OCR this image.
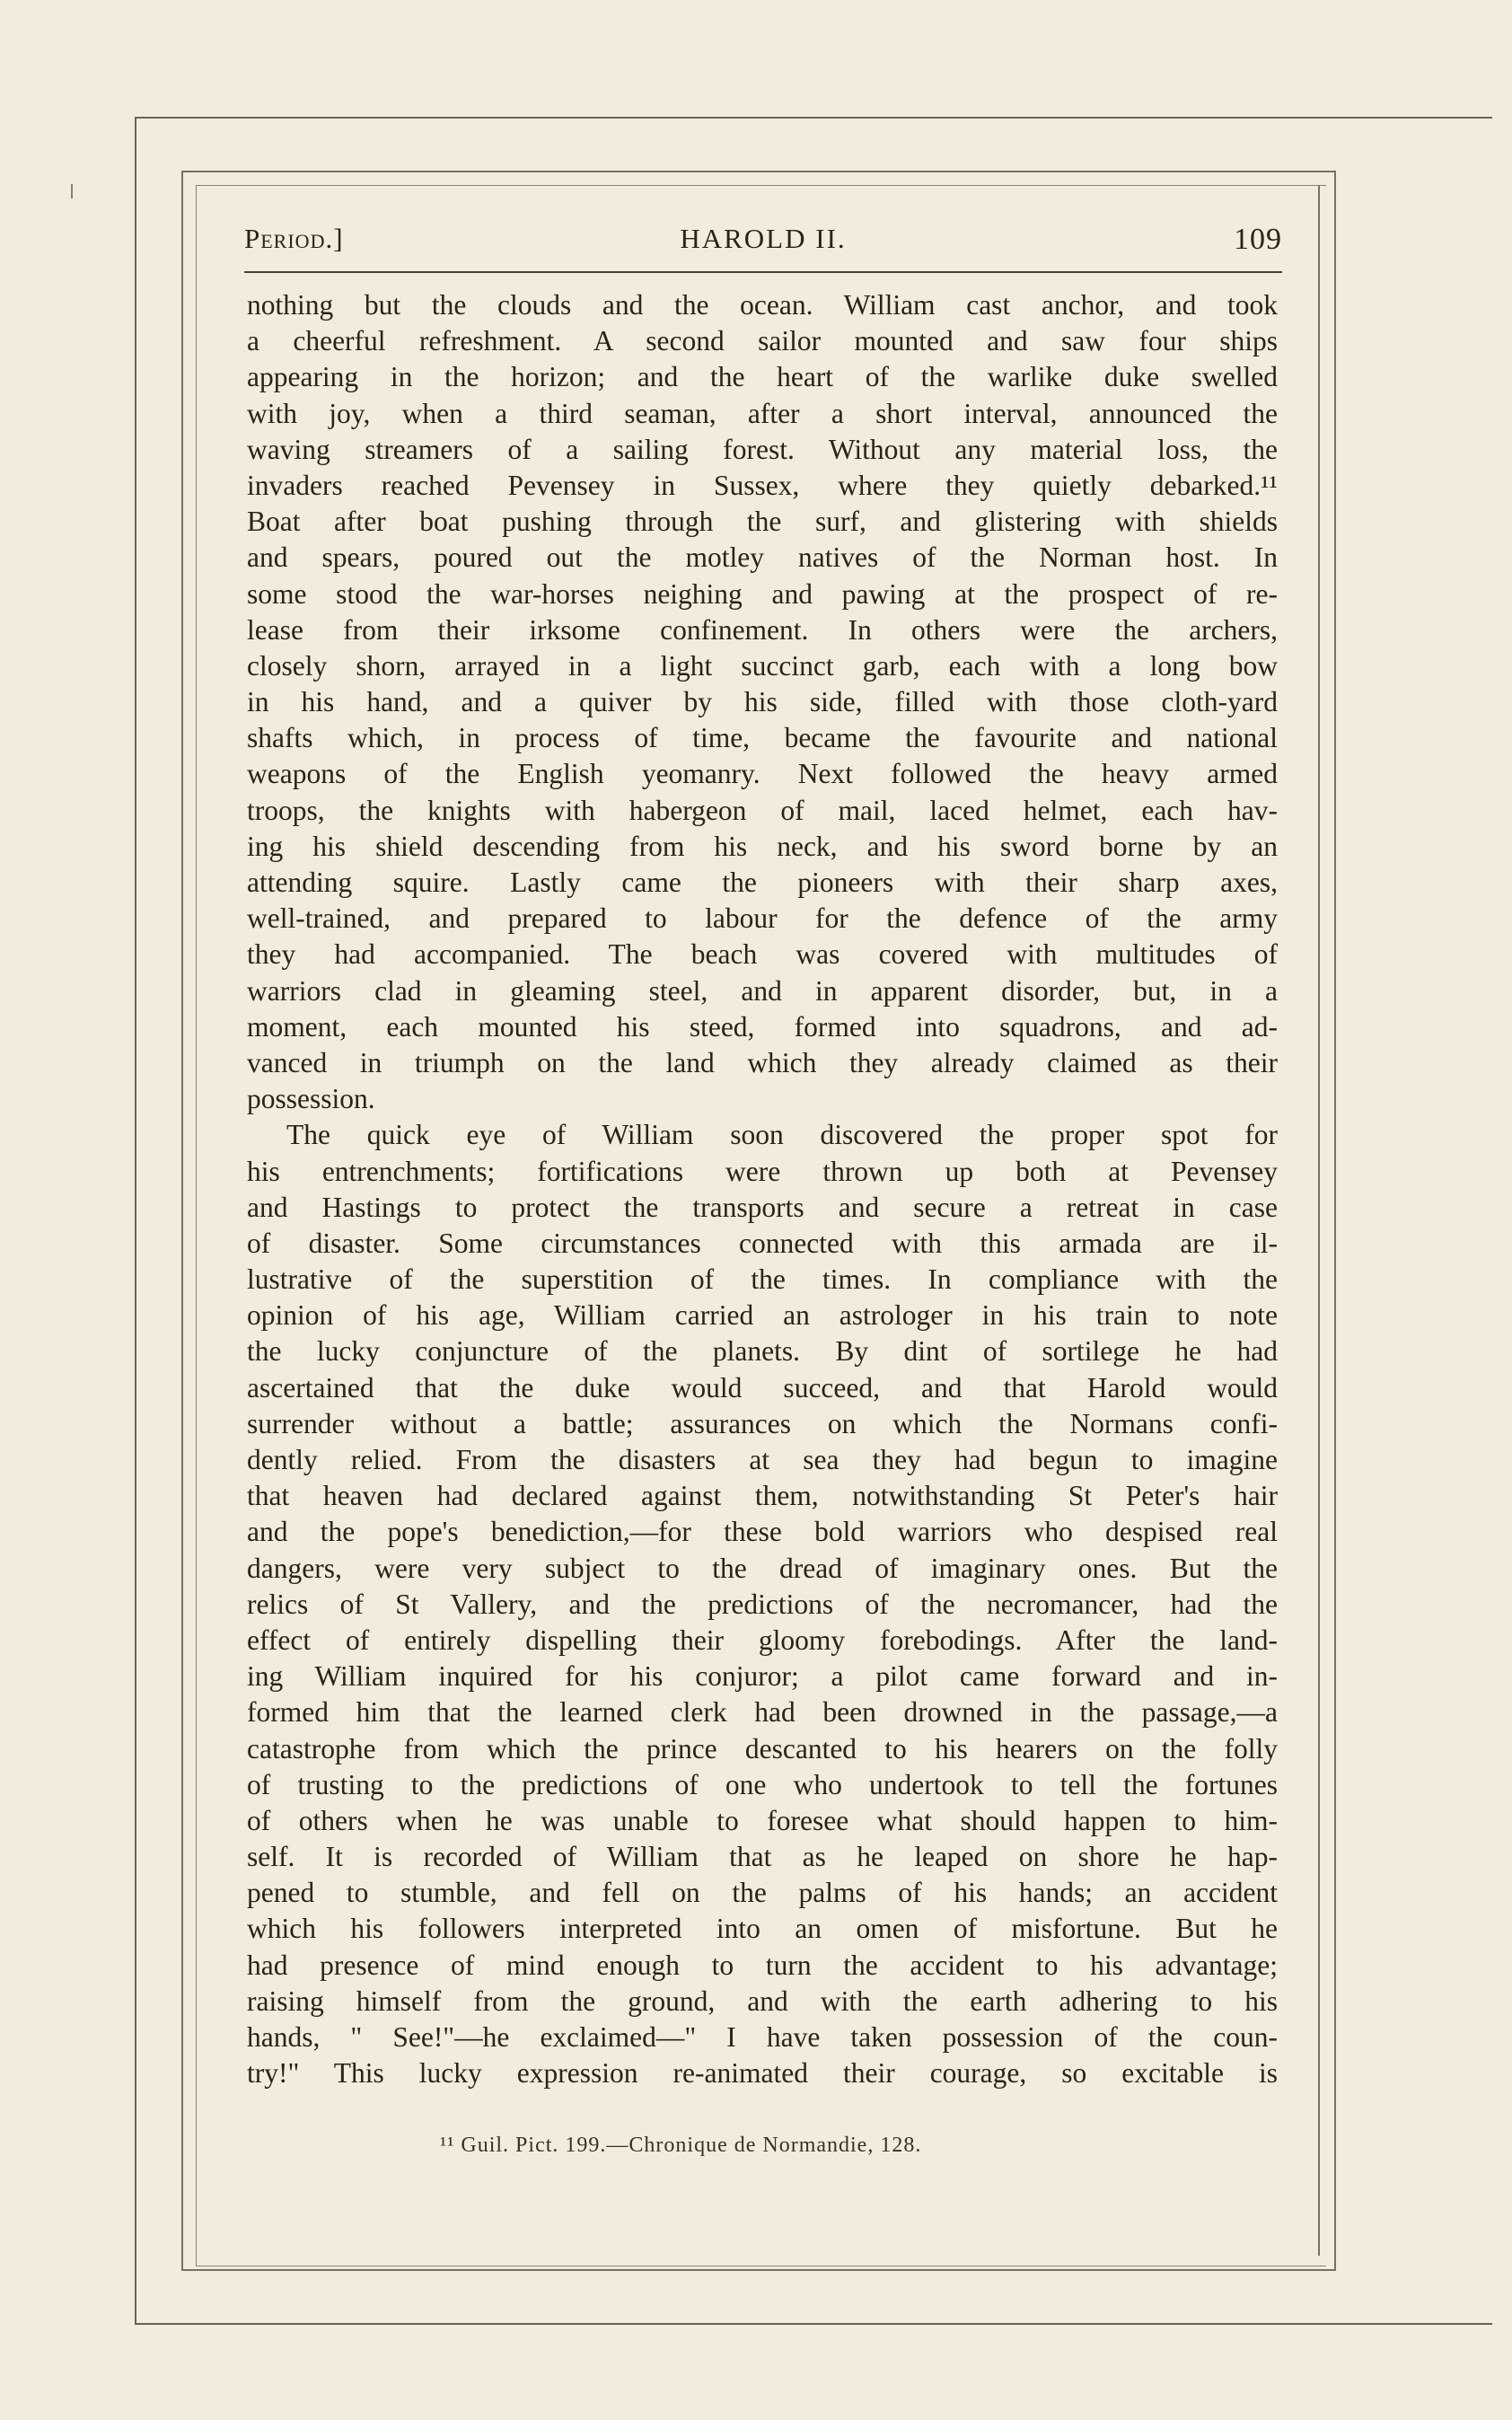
Period.]	HAROLD II.	109
nothing but the clouds and the ocean. William cast anchor, and took
a cheerful refreshment. A second sailor mounted and saw four ships
appearing in the horizon; and the heart of the warlike duke swelled
with joy, when a third seaman, after a short interval, announced the
waving streamers of a sailing forest. Without any material loss, the
invaders reached Pevensey in Sussex, where they quietly debarked.¹¹
Boat after boat pushing through the surf, and glistering with shields
and spears, poured out the motley natives of the Norman host. In
some stood the war-horses neighing and pawing at the prospect of re-
lease from their irksome confinement. In others were the archers,
closely shorn, arrayed in a light succinct garb, each with a long bow
in his hand, and a quiver by his side, filled with those cloth-yard
shafts which, in process of time, became the favourite and national
weapons of the English yeomanry. Next followed the heavy armed
troops, the knights with habergeon of mail, laced helmet, each hav-
ing his shield descending from his neck, and his sword borne by an
attending squire. Lastly came the pioneers with their sharp axes,
well-trained, and prepared to labour for the defence of the army
they had accompanied. The beach was covered with multitudes of
warriors clad in gleaming steel, and in apparent disorder, but, in a
moment, each mounted his steed, formed into squadrons, and ad-
vanced in triumph on the land which they already claimed as their
possession.
The quick eye of William soon discovered the proper spot for
his entrenchments; fortifications were thrown up both at Pevensey
and Hastings to protect the transports and secure a retreat in case
of disaster. Some circumstances connected with this armada are il-
lustrative of the superstition of the times. In compliance with the
opinion of his age, William carried an astrologer in his train to note
the lucky conjuncture of the planets. By dint of sortilege he had
ascertained that the duke would succeed, and that Harold would
surrender without a battle; assurances on which the Normans confi-
dently relied. From the disasters at sea they had begun to imagine
that heaven had declared against them, notwithstanding St Peter's hair
and the pope's benediction,—for these bold warriors who despised real
dangers, were very subject to the dread of imaginary ones. But the
relics of St Vallery, and the predictions of the necromancer, had the
effect of entirely dispelling their gloomy forebodings. After the land-
ing William inquired for his conjuror; a pilot came forward and in-
formed him that the learned clerk had been drowned in the passage,—a
catastrophe from which the prince descanted to his hearers on the folly
of trusting to the predictions of one who undertook to tell the fortunes
of others when he was unable to foresee what should happen to him-
self. It is recorded of William that as he leaped on shore he hap-
pened to stumble, and fell on the palms of his hands; an accident
which his followers interpreted into an omen of misfortune. But he
had presence of mind enough to turn the accident to his advantage;
raising himself from the ground, and with the earth adhering to his
hands, " See!"—he exclaimed—" I have taken possession of the coun-
try!" This lucky expression re-animated their courage, so excitable is
¹¹ Guil. Pict. 199.—Chronique de Normandie, 128.
